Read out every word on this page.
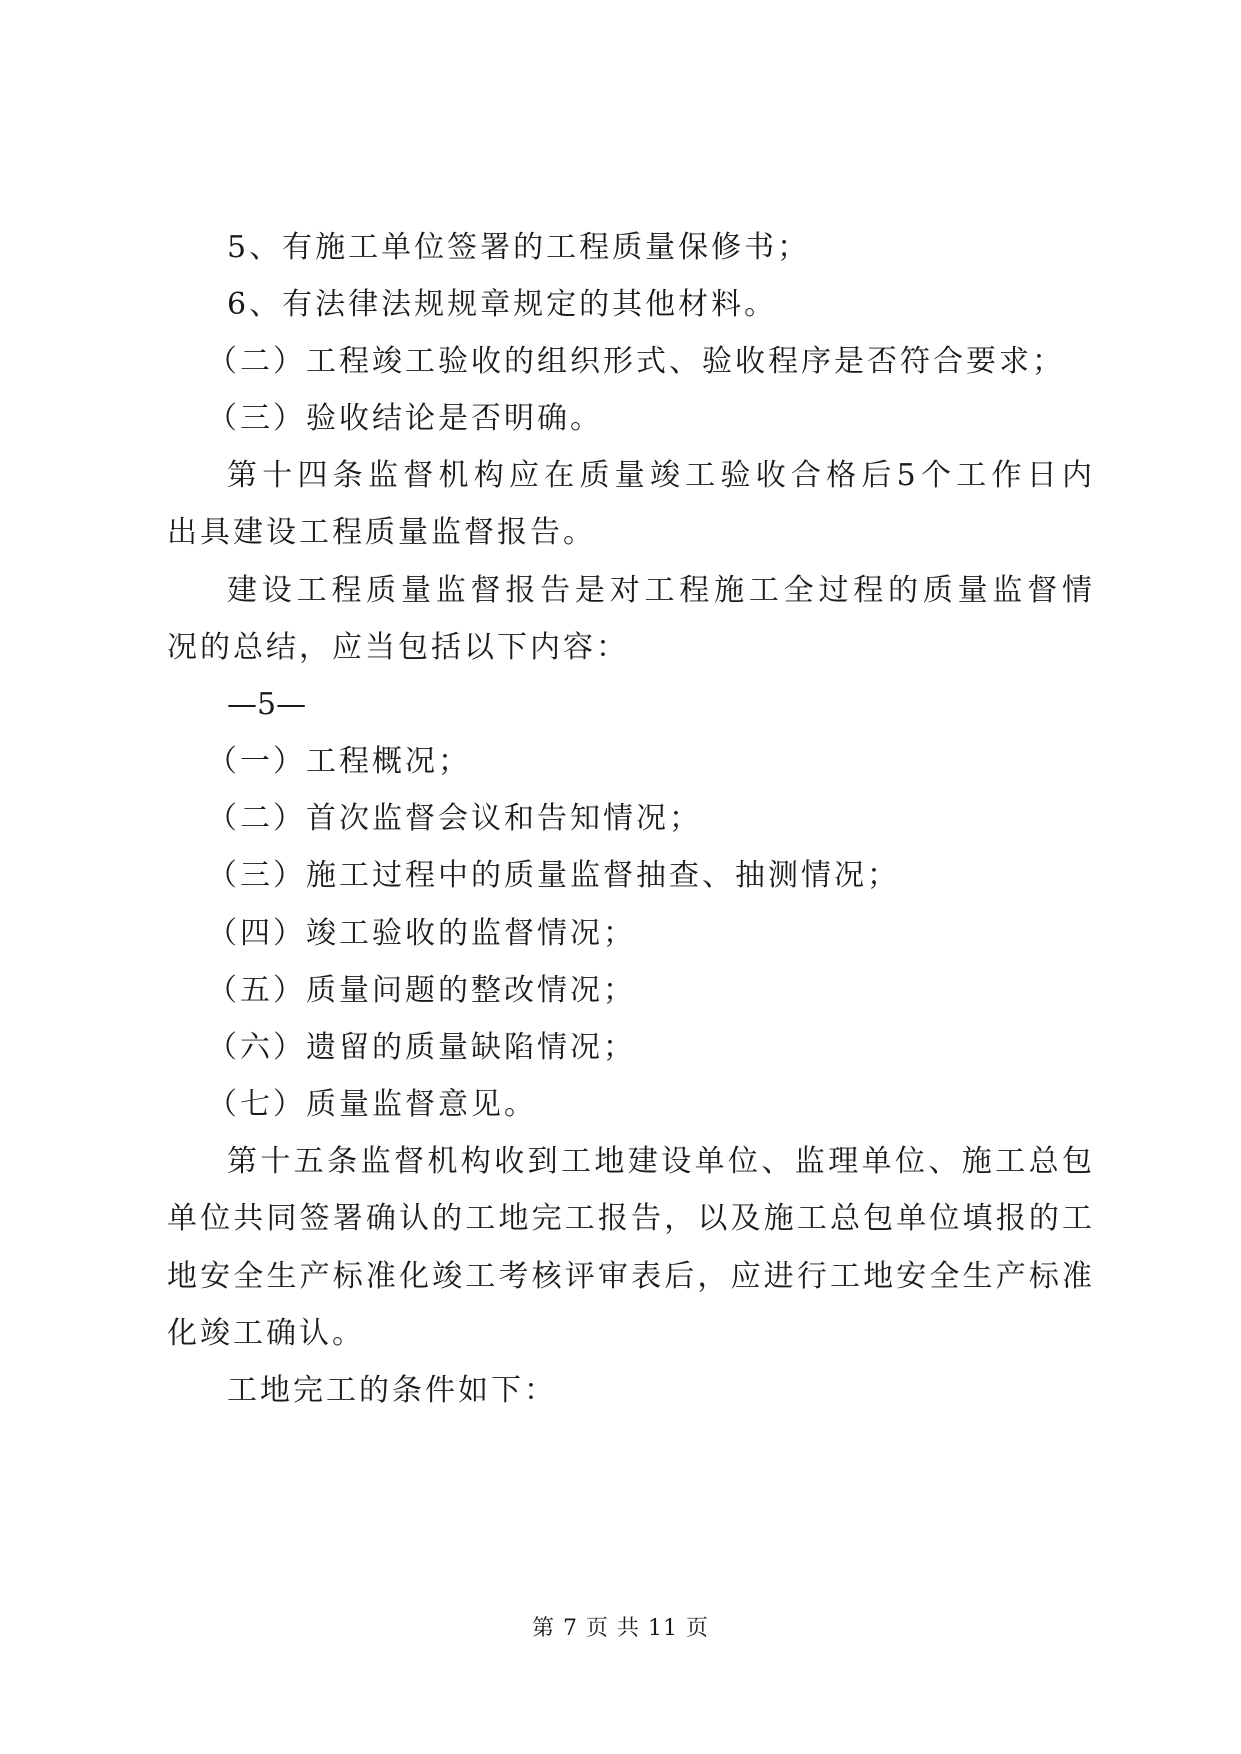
5、有施工单位签署的工程质量保修书；
6、有法律法规规章规定的其他材料。
（二）工程竣工验收的组织形式、验收程序是否符合要求；
（三）验收结论是否明确。
第十四条监督机构应在质量竣工验收合格后5个工作日内
出具建设工程质量监督报告。
建设工程质量监督报告是对工程施工全过程的质量监督情
况的总结，应当包括以下内容：
—5—
（一）工程概况；
（二）首次监督会议和告知情况；
（三）施工过程中的质量监督抽查、抽测情况；
（四）竣工验收的监督情况；
（五）质量问题的整改情况；
（六）遗留的质量缺陷情况；
（七）质量监督意见。
第十五条监督机构收到工地建设单位、监理单位、施工总包
单位共同签署确认的工地完工报告，以及施工总包单位填报的工
地安全生产标准化竣工考核评审表后，应进行工地安全生产标准
化竣工确认。
工地完工的条件如下：
第 7 页 共 11 页
